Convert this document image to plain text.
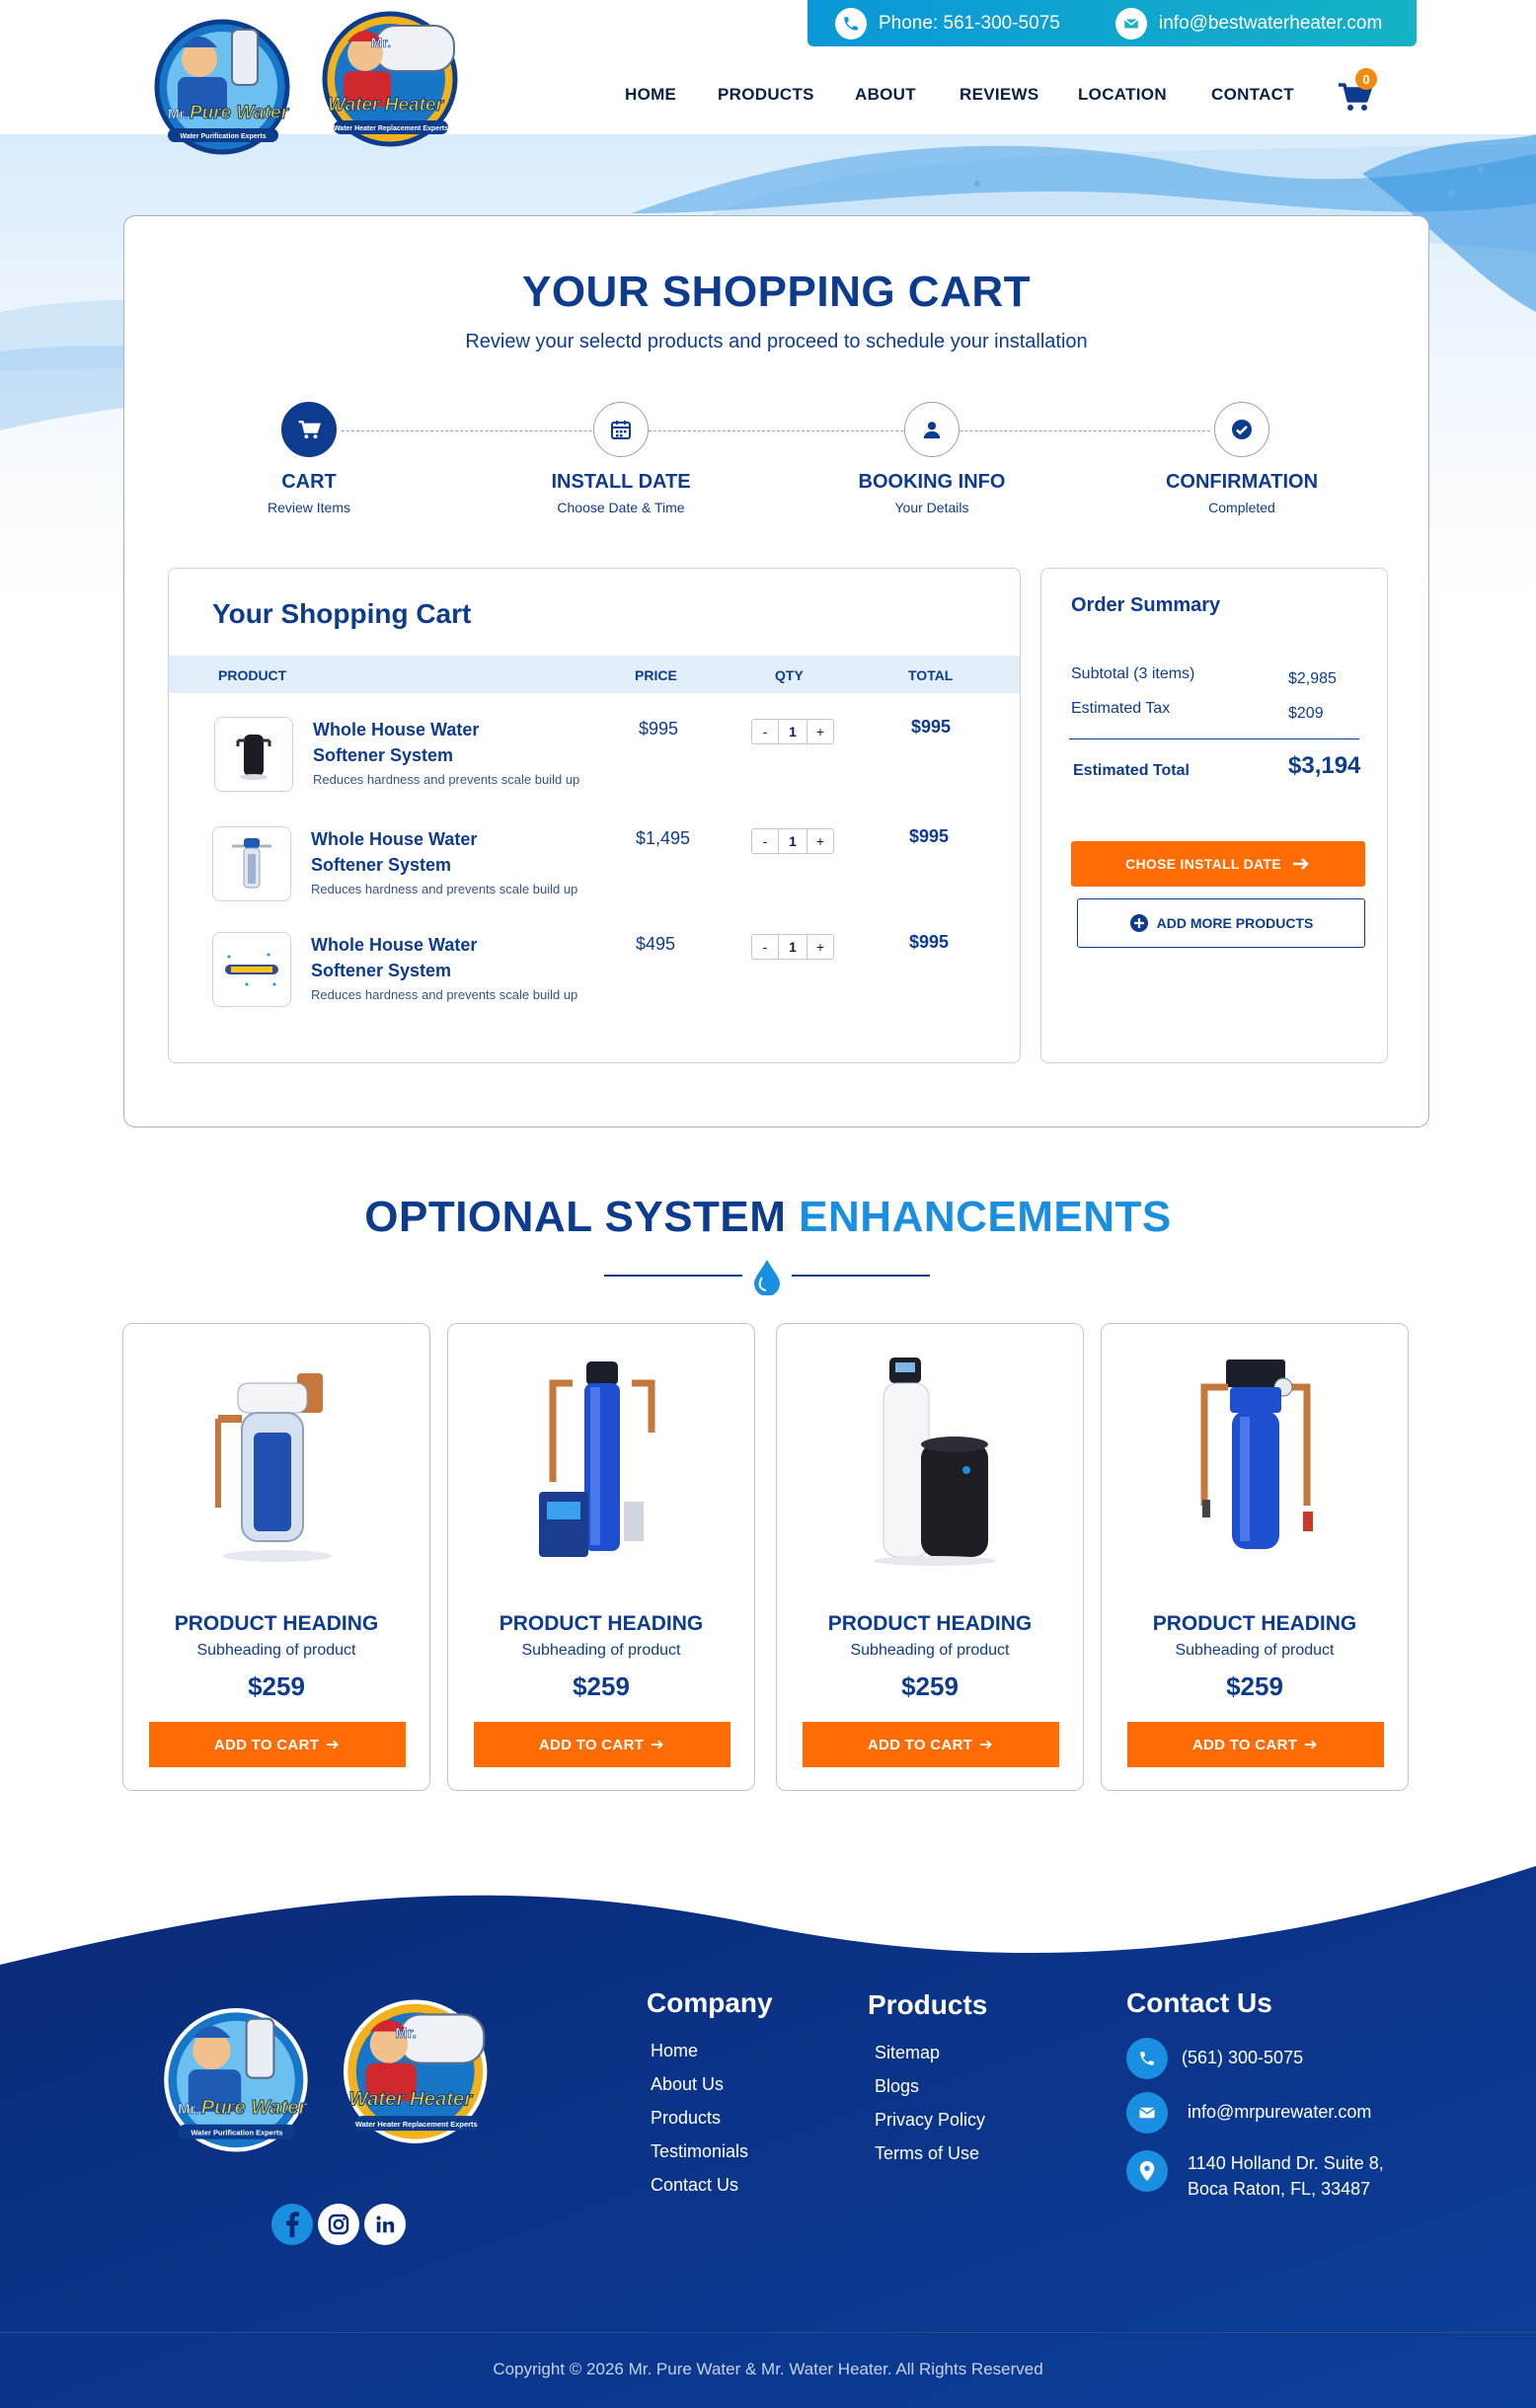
Phone: 561-300-5075	info@bestwaterheater.com
Mr. Pure Water
Water Purification Experts
Mr.
Water Heater
Water Heater Replacement Experts
HOME PRODUCTS ABOUT	REVIEWS LOCATION	CONTACT
0
YOUR SHOPPING CART
Review your selectd products and proceed to schedule your installation
CART
Review Items
INSTALL DATE
Choose Date & Time
BOOKING INFO
Your Details
CONFIRMATION
Completed
Your Shopping Cart
PRODUCT	PRICE	QTY	TOTAL
Whole House Water Softener System
Reduces hardness and prevents scale build up
$995	-	1	+	$995
Whole House Water Softener System
Reduces hardness and prevents scale build up
$1,495	-	1	+	$995
Whole House Water Softener System
Reduces hardness and prevents scale build up
$495	-	1	+	$995
Order Summary
Subtotal (3 items)	$2,985
Estimated Tax	$209
Estimated Total	$3,194
CHOSE INSTALL DATE
ADD MORE PRODUCTS
OPTIONAL SYSTEM ENHANCEMENTS
PRODUCT HEADING
Subheading of product
$259
ADD TO CART
PRODUCT HEADING
Subheading of product
$259
ADD TO CART
PRODUCT HEADING
Subheading of product
$259
ADD TO CART
PRODUCT HEADING
Subheading of product
$259
ADD TO CART
Mr. Pure Water
Water Purification Experts
Mr.
Water Heater
Water Heater Replacement Experts
Company
Home
About Us
Products
Testimonials
Contact Us
Products
Sitemap
Blogs
Privacy Policy
Terms of Use
Contact Us
(561) 300-5075
info@mrpurewater.com
1140 Holland Dr. Suite 8,
Boca Raton, FL, 33487
Copyright © 2026 Mr. Pure Water & Mr. Water Heater. All Rights Reserved
